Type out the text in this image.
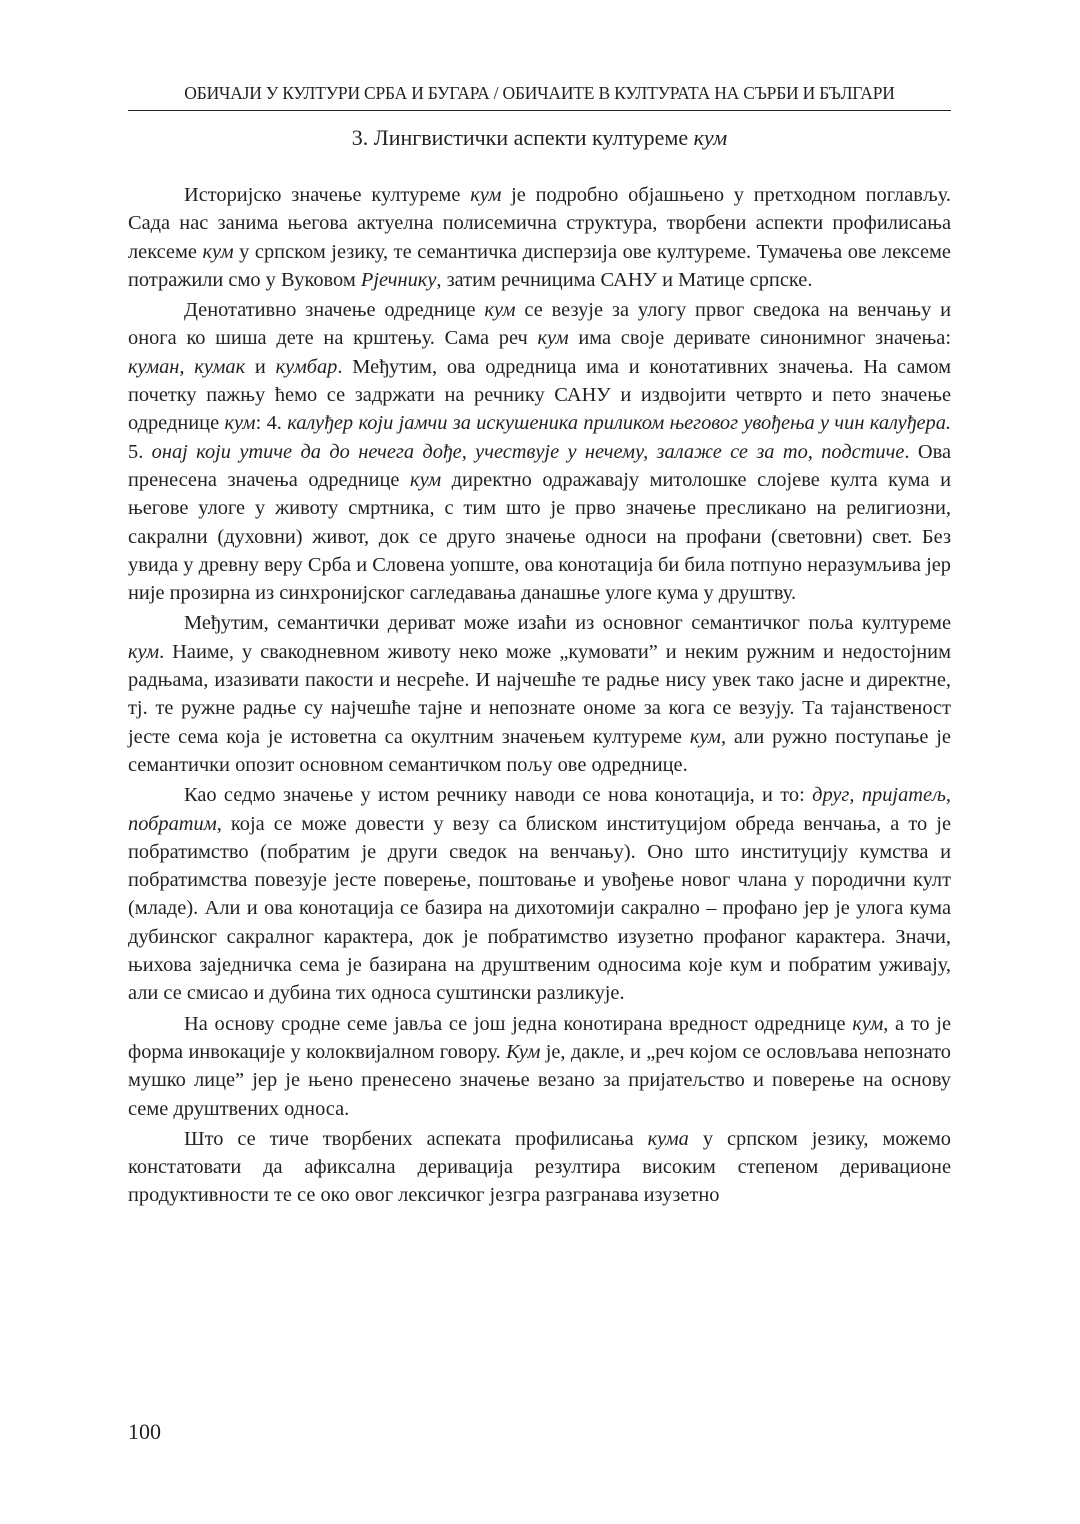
ОБИЧАЈИ У КУЛТУРИ СРБА И БУГАРА / ОБИЧАИТЕ В КУЛТУРАТА НА СЪРБИ И БЪЛГАРИ
3. Лингвистички аспекти културеме кум

Историјско значење културеме кум је подробно објашњено у претходном поглављу. Сада нас занима његова актуелна полисемична структура, творбени аспекти профилисања лексеме кум у српском језику, те семантичка дисперзија ове културеме. Тумачења ове лексеме потражили смо у Вуковом Рјечнику, затим речницима САНУ и Матице српске.

Денотативно значење одреднице кум се везује за улогу првог сведока на венчању и онога ко шиша дете на крштењу. Сама реч кум има своје деривате синонимног значења: куман, кумак и кумбар. Међутим, ова одредница има и конотативних значења. На самом почетку пажњу ћемо се задржати на речнику САНУ и издвојити четврто и пето значење одреднице кум: 4. калуђер који јамчи за искушеника приликом његовог увођења у чин калуђера. 5. онај који утиче да до нечега дође, учествује у нечему, залаже се за то, подстиче. Ова пренесена значења одреднице кум директно одражавају митолошке слојеве култа кума и његове улоге у животу смртника, с тим што је прво значење пресликано на религиозни, сакрални (духовни) живот, док се друго значење односи на профани (световни) свет. Без увида у древну веру Срба и Словена уопште, ова конотација би била потпуно неразумљива јер није прозирна из синхронијског сагледавања данашње улоге кума у друштву.

Међутим, семантички дериват може изаћи из основног семантичког поља културеме кум. Наиме, у свакодневном животу неко може „кумовати” и неким ружним и недостојним радњама, изазивати пакости и несреће. И најчешће те радње нису увек тако јасне и директне, тј. те ружне радње су најчешће тајне и непознате ономе за кога се везују. Та тајанственост јесте сема која је истоветна са окултним значењем културеме кум, али ружно поступање је семантички опозит основном семантичком пољу ове одреднице.

Као седмо значење у истом речнику наводи се нова конотација, и то: друг, пријатељ, побратим, која се може довести у везу са блиском институцијом обреда венчања, а то је побратимство (побратим је други сведок на венчању). Оно што институцију кумства и побратимства повезује јесте поверење, поштовање и увођење новог члана у породични култ (младе). Али и ова конотација се базира на дихотомији сакрално – профано јер је улога кума дубинског сакралног карактера, док је побратимство изузетно профаног карактера. Значи, њихова заједничка сема је базирана на друштвеним односима које кум и побратим уживају, али се смисао и дубина тих односа суштински разликује.

На основу сродне семе јавља се још једна конотирана вредност одреднице кум, а то је форма инвокације у колоквијалном говору. Кум је, дакле, и „реч којом се ословљава непознато мушко лице” јер је њено пренесено значење везано за пријатељство и поверење на основу семе друштвених односа.

Што се тиче творбених аспеката профилисања кума у српском језику, можемо констатовати да афиксална деривација резултира високим степеном деривационе продуктивности те се око овог лексичког језгра разгранава изузетно

100
